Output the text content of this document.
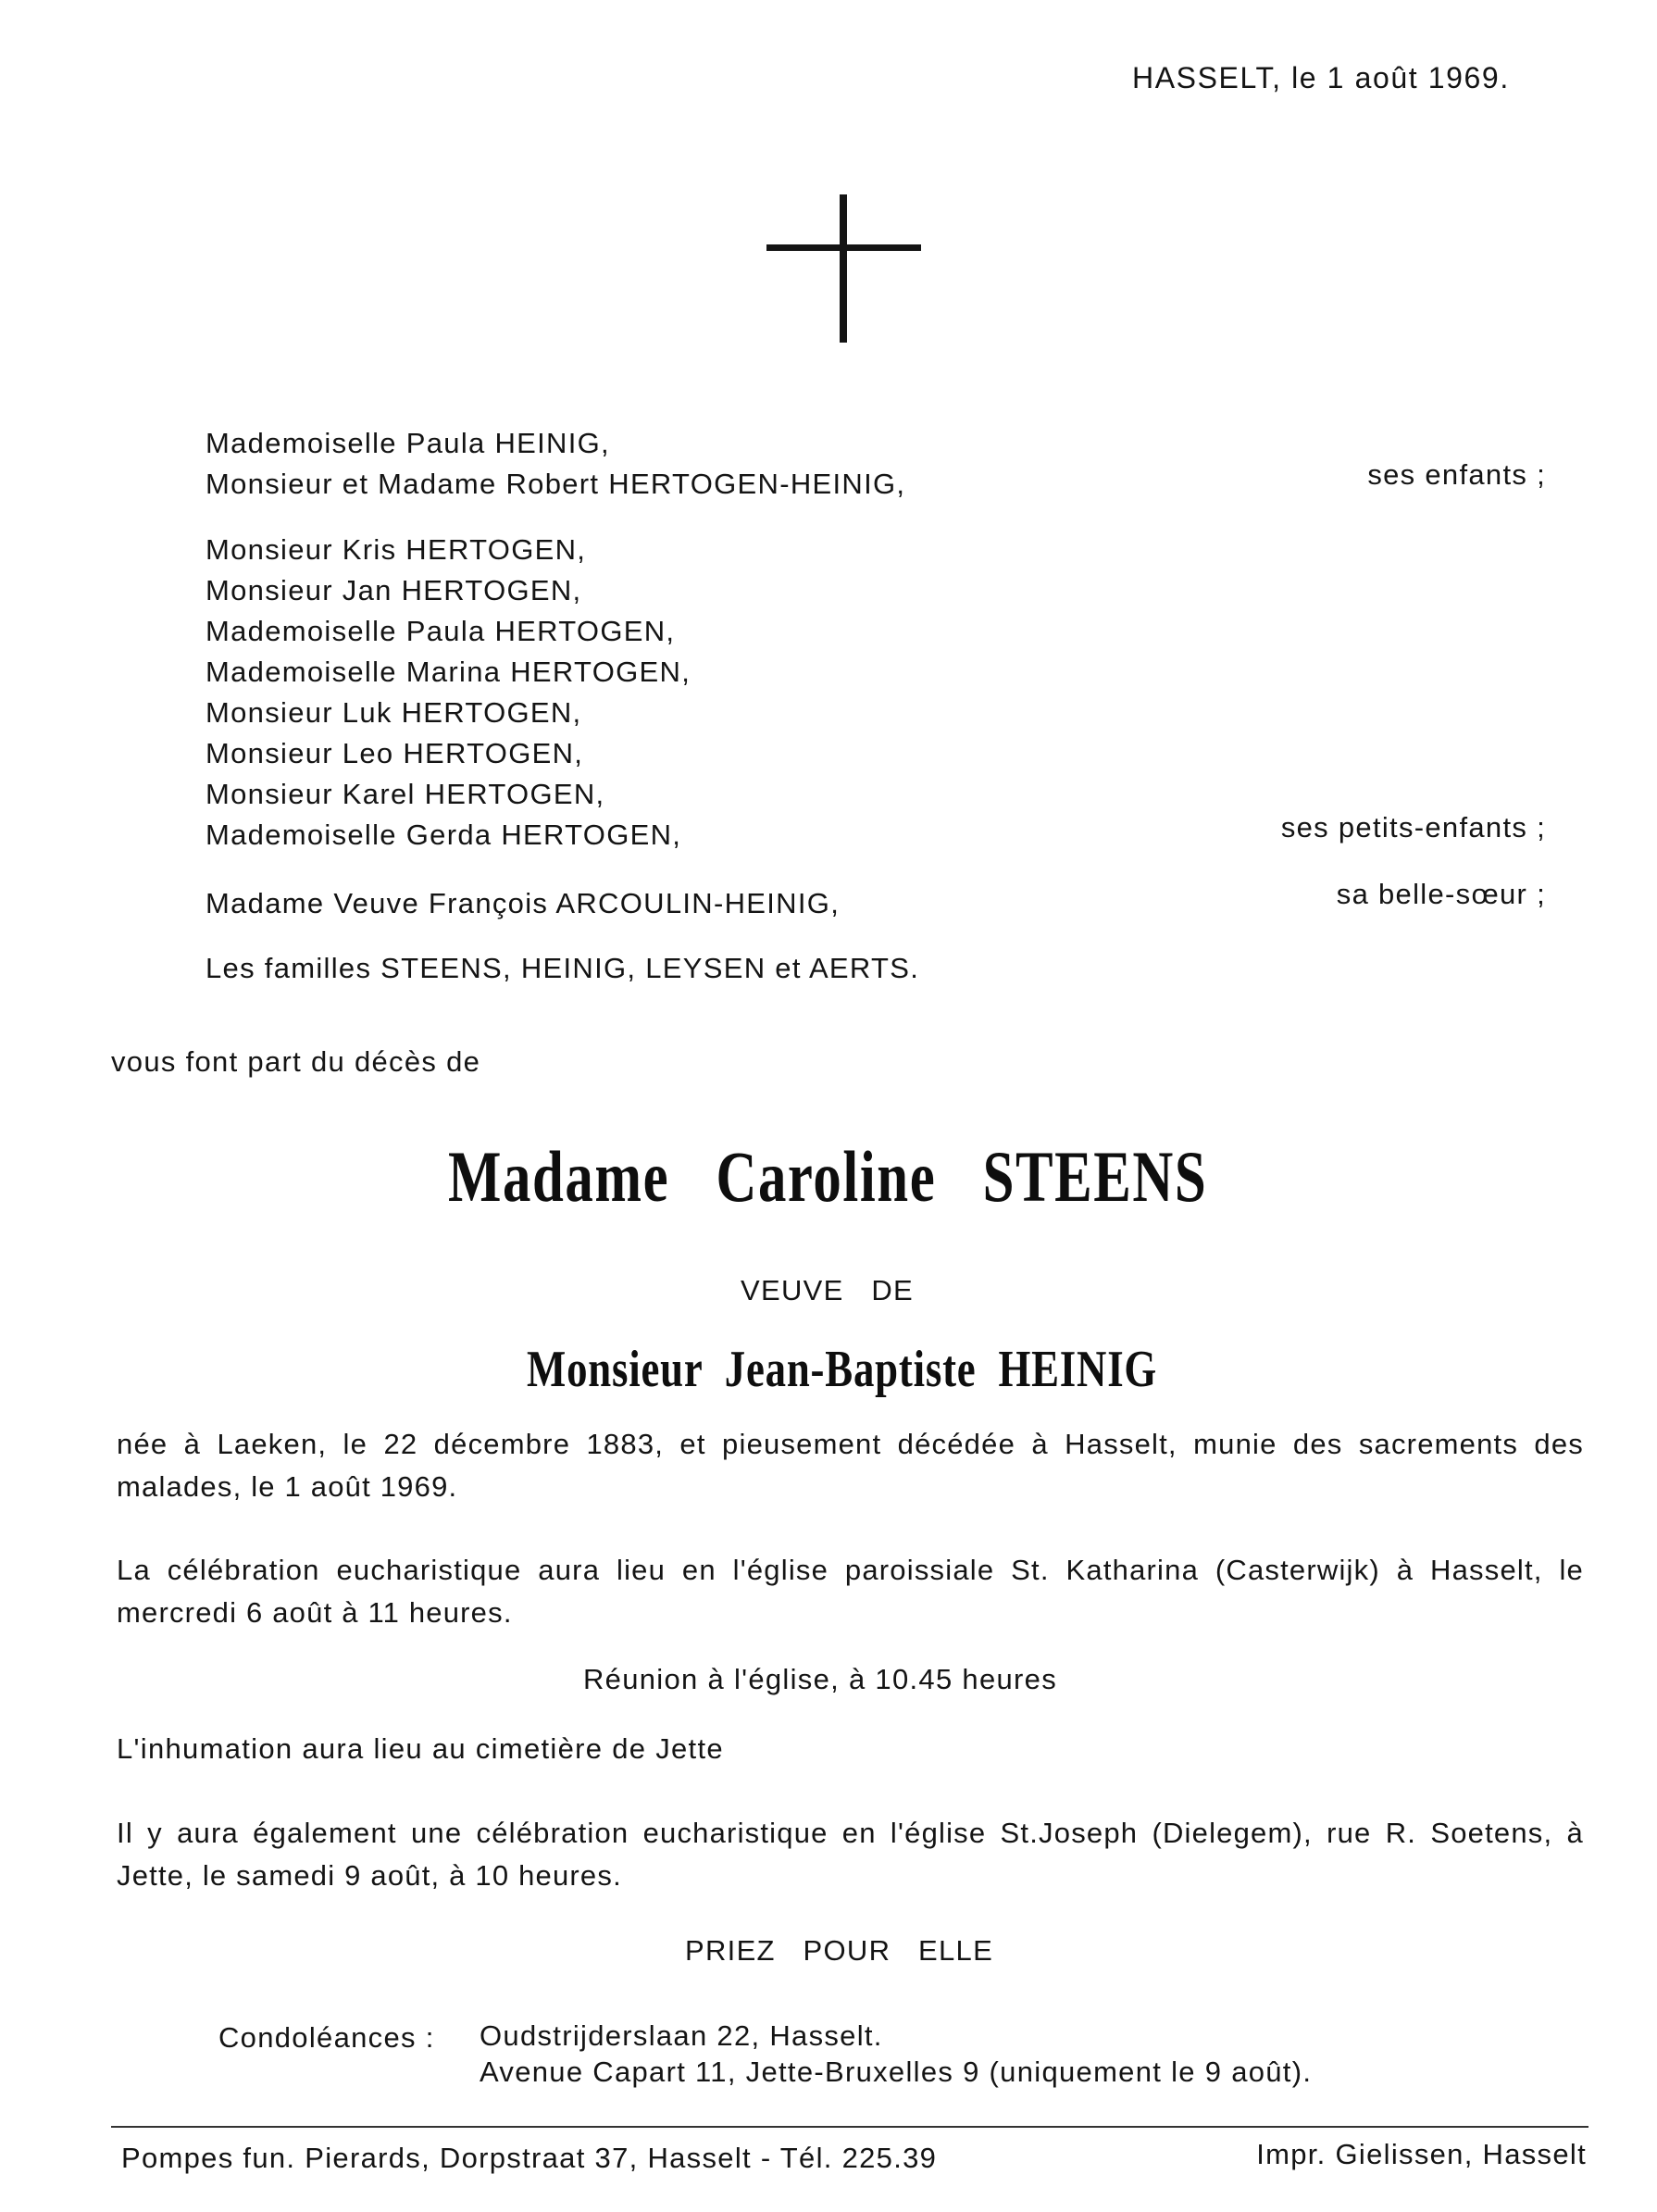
HASSELT, le 1 août 1969.
Mademoiselle Paula HEINIG,
Monsieur et Madame Robert HERTOGEN-HEINIG,	ses enfants ;
Monsieur Kris HERTOGEN,
Monsieur Jan HERTOGEN,
Mademoiselle Paula HERTOGEN,
Mademoiselle Marina HERTOGEN,
Monsieur Luk HERTOGEN,
Monsieur Leo HERTOGEN,
Monsieur Karel HERTOGEN,
Mademoiselle Gerda HERTOGEN,	ses petits-enfants ;
Madame Veuve François ARCOULIN-HEINIG,	sa belle-sœur ;
Les familles STEENS, HEINIG, LEYSEN et AERTS.
vous font part du décès de
Madame   Caroline   STEENS
VEUVE   DE
Monsieur  Jean-Baptiste  HEINIG
née à Laeken, le 22 décembre 1883, et pieusement décédée à Hasselt, munie des sacrements des malades, le 1 août 1969.
La célébration eucharistique aura lieu en l'église paroissiale St. Katharina (Casterwijk) à Hasselt, le mercredi 6 août à 11 heures.
Réunion à l'église, à 10.45 heures
L'inhumation aura lieu au cimetière de Jette
Il y aura également une célébration eucharistique en l'église St.Joseph (Dielegem), rue R. Soetens, à Jette, le samedi 9 août, à 10 heures.
PRIEZ   POUR   ELLE
Condoléances : Oudstrijderslaan 22, Hasselt.
Avenue Capart 11, Jette-Bruxelles 9 (uniquement le 9 août).
Pompes fun. Pierards, Dorpstraat 37, Hasselt - Tél. 225.39	Impr. Gielissen, Hasselt
